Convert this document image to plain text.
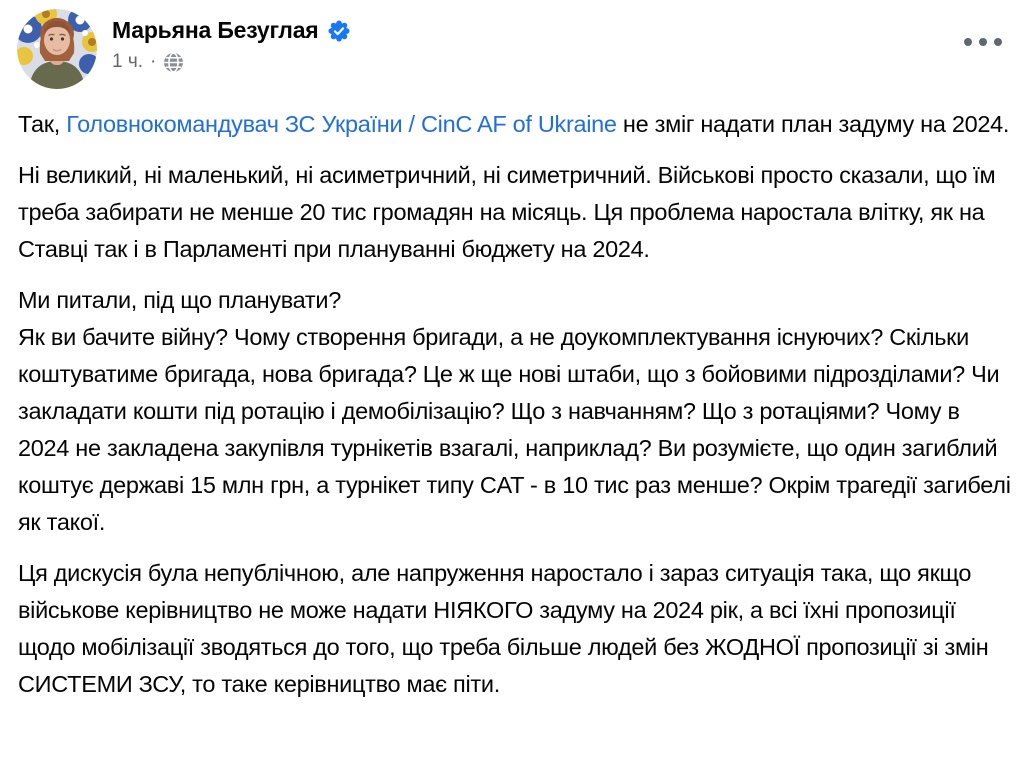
Марьяна Безуглая
1 ч. ·

Так, Головнокомандувач ЗС України / CinC AF of Ukraine не зміг надати план задуму на 2024.

Ні великий, ні маленький, ні асиметричний, ні симетричний. Військові просто сказали, що їм треба забирати не менше 20 тис громадян на місяць. Ця проблема наростала влітку, як на Ставці так і в Парламенті при плануванні бюджету на 2024.

Ми питали, під що планувати?
Як ви бачите війну? Чому створення бригади, а не доукомплектування існуючих? Скільки коштуватиме бригада, нова бригада? Це ж ще нові штаби, що з бойовими підрозділами? Чи закладати кошти під ротацію і демобілізацію? Що з навчанням? Що з ротаціями? Чому в 2024 не закладена закупівля турнікетів взагалі, наприклад? Ви розумієте, що один загиблий коштує державі 15 млн грн, а турнікет типу CAT - в 10 тис раз менше? Окрім трагедії загибелі як такої.

Ця дискусія була непублічною, але напруження наростало і зараз ситуація така, що якщо військове керівництво не може надати НІЯКОГО задуму на 2024 рік, а всі їхні пропозиції щодо мобілізації зводяться до того, що треба більше людей без ЖОДНОЇ пропозиції зі змін СИСТЕМИ ЗСУ, то таке керівництво має піти.
